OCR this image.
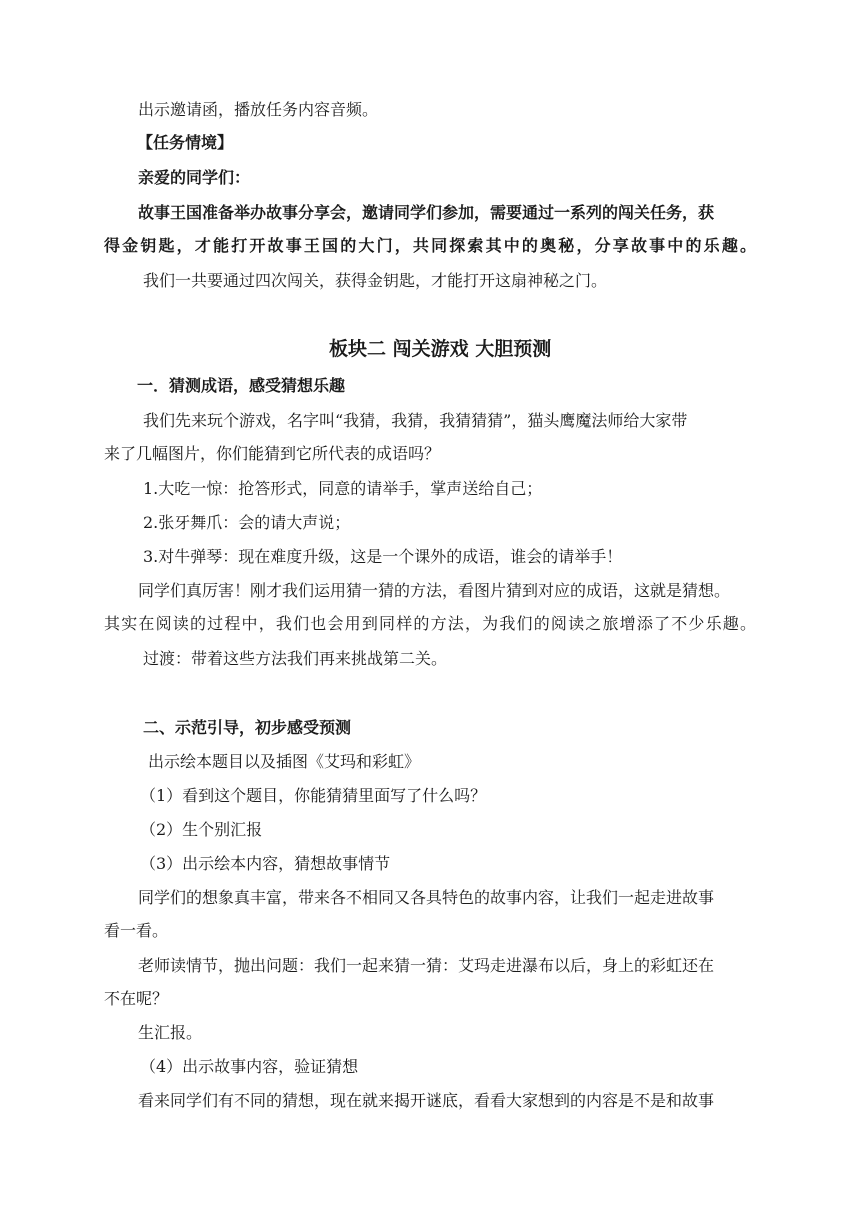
出示邀请函，播放任务内容音频。
【任务情境】
亲爱的同学们：
故事王国准备举办故事分享会，邀请同学们参加，需要通过一系列的闯关任务，获
得金钥匙，才能打开故事王国的大门，共同探索其中的奥秘，分享故事中的乐趣。
我们一共要通过四次闯关，获得金钥匙，才能打开这扇神秘之门。
板块二 闯关游戏 大胆预测
一．猜测成语，感受猜想乐趣
我们先来玩个游戏，名字叫“我猜，我猜，我猜猜猜”，猫头鹰魔法师给大家带
来了几幅图片，你们能猜到它所代表的成语吗？
1.大吃一惊：抢答形式，同意的请举手，掌声送给自己；
2.张牙舞爪：会的请大声说；
3.对牛弹琴：现在难度升级，这是一个课外的成语，谁会的请举手！
同学们真厉害！刚才我们运用猜一猜的方法，看图片猜到对应的成语，这就是猜想。
其实在阅读的过程中，我们也会用到同样的方法，为我们的阅读之旅增添了不少乐趣。
过渡：带着这些方法我们再来挑战第二关。
二、示范引导，初步感受预测
出示绘本题目以及插图《艾玛和彩虹》
（1）看到这个题目，你能猜猜里面写了什么吗？
（2）生个别汇报
（3）出示绘本内容，猜想故事情节
同学们的想象真丰富，带来各不相同又各具特色的故事内容，让我们一起走进故事
看一看。
老师读情节，抛出问题：我们一起来猜一猜：艾玛走进瀑布以后，身上的彩虹还在
不在呢？
生汇报。
（4）出示故事内容，验证猜想
看来同学们有不同的猜想，现在就来揭开谜底，看看大家想到的内容是不是和故事
